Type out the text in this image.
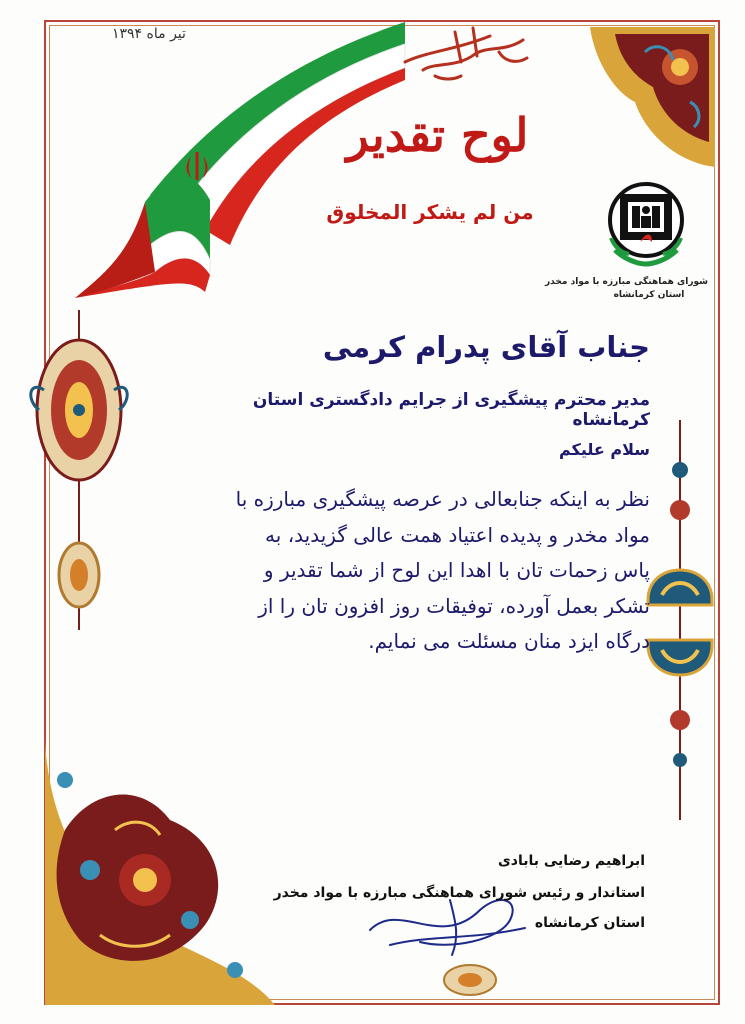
تیر ماه ۱۳۹۴
لوح تقدیر
من لم یشکر المخلوق
شورای هماهنگی مبارزه با مواد مخدر
استان کرمانشاه
جناب آقای پدرام کرمی
مدیر محترم پیشگیری از جرایم دادگستری استان کرمانشاه
سلام علیکم
نظر به اینکه جنابعالی در عرصه پیشگیری مبارزه با
مواد مخدر و پدیده اعتیاد همت عالی گزیدید، به
پاس زحمات تان با اهدا این لوح از شما تقدیر و
تشکر بعمل آورده، توفیقات روز افزون تان را از
درگاه ایزد منان مسئلت می نمایم.
ابراهیم رضایی بابادی
استاندار و رئیس شورای هماهنگی مبارزه با مواد مخدر
استان کرمانشاه
